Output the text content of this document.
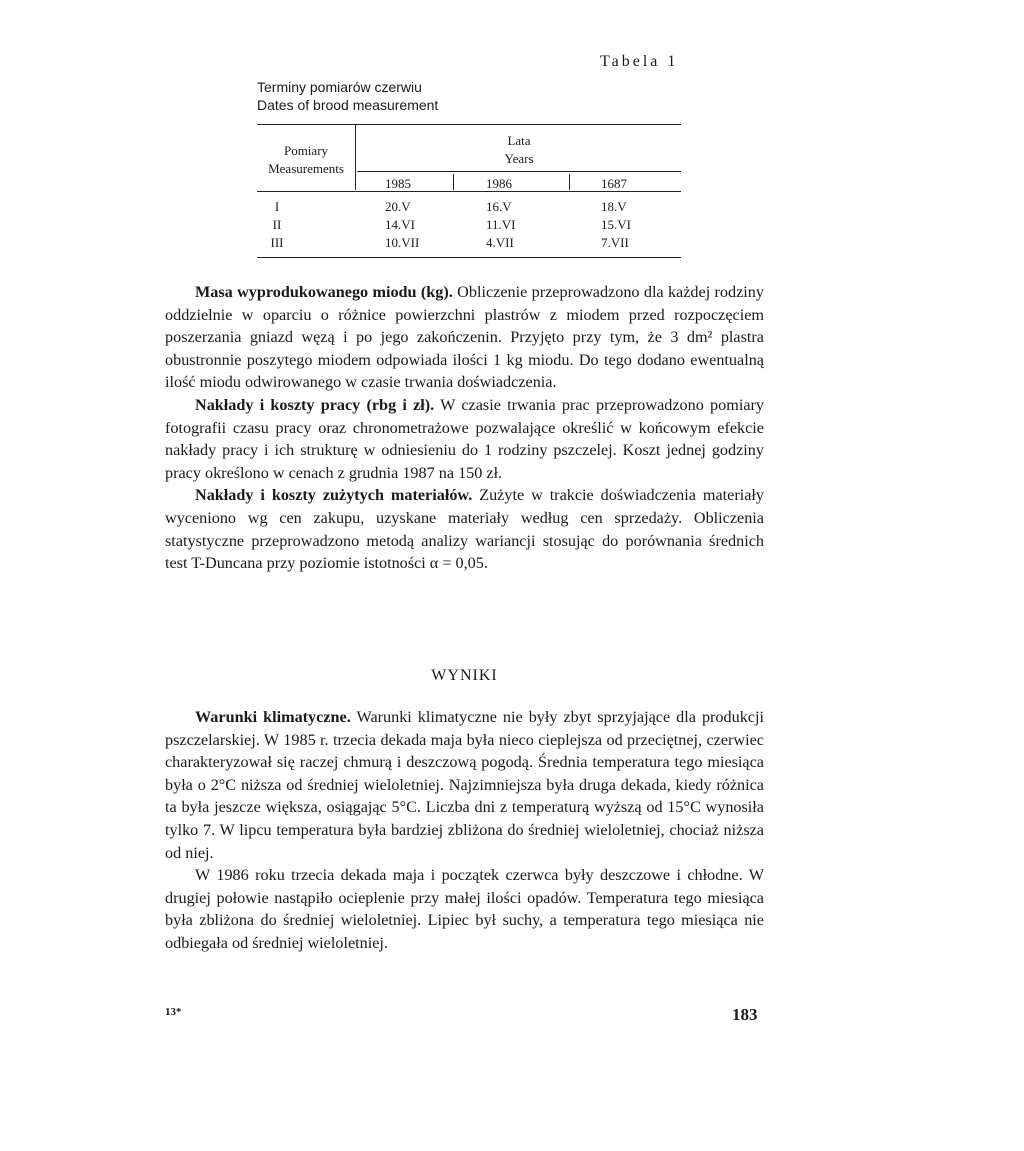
Tabela 1
Terminy pomiarów czerwiu
Dates of brood measurement
Pomiary
Measurements
Lata
Years
1985	1986	1687
I	20.V	16.V	18.V
II	14.VI	11.VI	15.VI
III	10.VII	4.VII	7.VII

Masa wyprodukowanego miodu (kg). Obliczenie przeprowadzono dla każdej rodziny oddzielnie w oparciu o różnice powierzchni plastrów z miodem przed rozpoczęciem poszerzania gniazd węzą i po jego zakończenin. Przyjęto przy tym, że 3 dm² plastra obustronnie poszytego miodem odpowiada ilości 1 kg miodu. Do tego dodano ewentualną ilość miodu odwirowanego w czasie trwania doświadczenia.

Nakłady i koszty pracy (rbg i zł). W czasie trwania prac przeprowadzono pomiary fotografii czasu pracy oraz chronometrażowe pozwalające określić w końcowym efekcie nakłady pracy i ich strukturę w odniesieniu do 1 rodziny pszczelej. Koszt jednej godziny pracy określono w cenach z grudnia 1987 na 150 zł.

Nakłady i koszty zużytych materiałów. Zużyte w trakcie doświadczenia materiały wyceniono wg cen zakupu, uzyskane materiały według cen sprzedaży. Obliczenia statystyczne przeprowadzono metodą analizy wariancji stosując do porównania średnich test T-Duncana przy poziomie istotności α = 0,05.

WYNIKI

Warunki klimatyczne. Warunki klimatyczne nie były zbyt sprzyjające dla produkcji pszczelarskiej. W 1985 r. trzecia dekada maja była nieco cieplejsza od przeciętnej, czerwiec charakteryzował się raczej chmurą i deszczową pogodą. Średnia temperatura tego miesiąca była o 2°C niższa od średniej wieloletniej. Najzimniejsza była druga dekada, kiedy różnica ta była jeszcze większa, osiągając 5°C. Liczba dni z temperaturą wyższą od 15°C wynosiła tylko 7. W lipcu temperatura była bardziej zbliżona do średniej wieloletniej, chociaż niższa od niej.

W 1986 roku trzecia dekada maja i początek czerwca były deszczowe i chłodne. W drugiej połowie nastąpiło ocieplenie przy małej ilości opadów. Temperatura tego miesiąca była zbliżona do średniej wieloletniej. Lipiec był suchy, a temperatura tego miesiąca nie odbiegała od średniej wieloletniej.

13*	183
